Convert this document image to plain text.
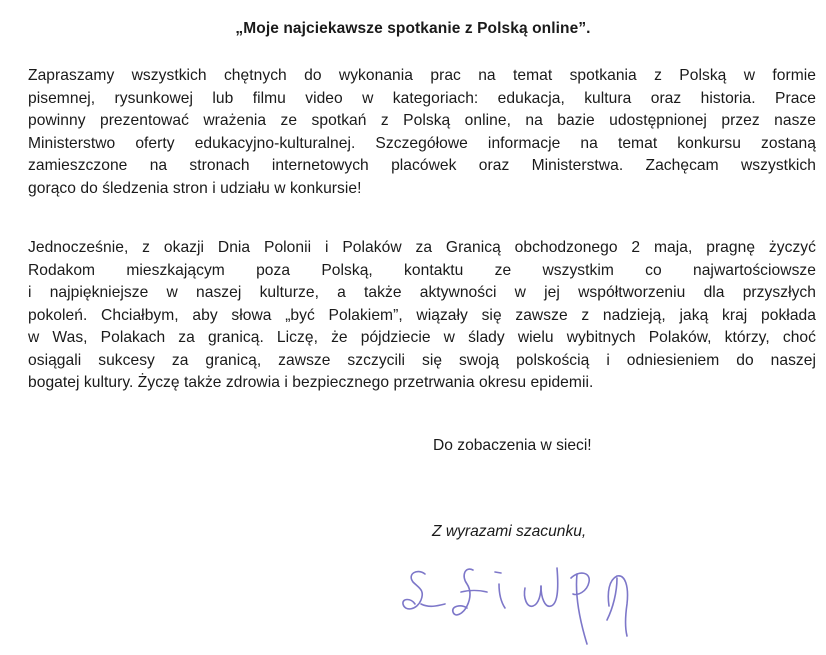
„Moje najciekawsze spotkanie z Polską online”.
Zapraszamy wszystkich chętnych do wykonania prac na temat spotkania z Polską w formie
pisemnej, rysunkowej lub filmu video w kategoriach: edukacja, kultura oraz historia. Prace
powinny prezentować wrażenia ze spotkań z Polską online, na bazie udostępnionej przez nasze
Ministerstwo oferty edukacyjno-kulturalnej. Szczegółowe informacje na temat konkursu zostaną
zamieszczone na stronach internetowych placówek oraz Ministerstwa. Zachęcam wszystkich
gorąco do śledzenia stron i udziału w konkursie!
Jednocześnie, z okazji Dnia Polonii i Polaków za Granicą obchodzonego 2 maja, pragnę życzyć
Rodakom mieszkającym poza Polską, kontaktu ze wszystkim co najwartościowsze
i najpiękniejsze w naszej kulturze, a także aktywności w jej współtworzeniu dla przyszłych
pokoleń. Chciałbym, aby słowa „być Polakiem”, wiązały się zawsze z nadzieją, jaką kraj pokłada
w Was, Polakach za granicą. Liczę, że pójdziecie w ślady wielu wybitnych Polaków, którzy, choć
osiągali sukcesy za granicą, zawsze szczycili się swoją polskością i odniesieniem do naszej
bogatej kultury. Życzę także zdrowia i bezpiecznego przetrwania okresu epidemii.
Do zobaczenia w sieci!
Z wyrazami szacunku,
